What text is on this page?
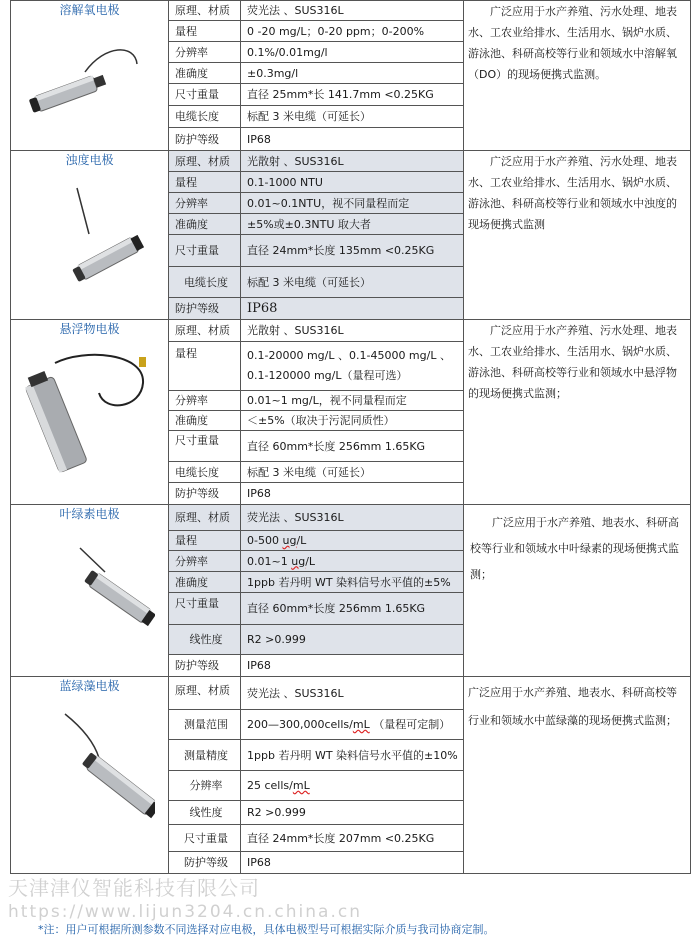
溶解氧电极	原理、材质	荧光法 、SUS316L	广泛应用于水产养殖、污水处理、地表水、工农业给排水、生活用水、锅炉水质、游泳池、科研高校等行业和领域水中溶解氧（DO）的现场便携式监测。

	量程	0 -20 mg/L；0-20 ppm；0-200%	
	分辨率	0.1%/0.01mg/l	
	准确度	±0.3mg/l	
	尺寸重量	直径 25mm*长 141.7mm <0.25KG	
	电缆长度	标配 3 米电缆（可延长）	
	防护等级	IP68	

浊度电极	原理、材质	光散射 、SUS316L	广泛应用于水产养殖、污水处理、地表水、工农业给排水、生活用水、锅炉水质、游泳池、科研高校等行业和领域水中浊度的现场便携式监测

	量程	0.1-1000 NTU	
	分辨率	0.01~0.1NTU，视不同量程而定	
	准确度	±5%或±0.3NTU 取大者	
	尺寸重量	直径 24mm*长度 135mm <0.25KG	
	电缆长度	标配 3 米电缆（可延长）	
	防护等级	IP68	

悬浮物电极	原理、材质	光散射 、SUS316L	广泛应用于水产养殖、污水处理、地表水、工农业给排水、生活用水、锅炉水质、游泳池、科研高校等行业和领域水中悬浮物的现场便携式监测；

	量程	0.1-20000 mg/L 、0.1-45000 mg/L 、0.1-120000 mg/L（量程可选）	
	分辨率	0.01~1 mg/L，视不同量程而定	
	准确度	＜±5%（取决于污泥同质性）	
	尺寸重量	直径 60mm*长度 256mm 1.65KG	
	电缆长度	标配 3 米电缆（可延长）	
	防护等级	IP68	

叶绿素电极	原理、材质	荧光法 、SUS316L	广泛应用于水产养殖、地表水、科研高校等行业和领域水中叶绿素的现场便携式监测；

	量程	0-500 ug/L	
	分辨率	0.01~1 ug/L	
	准确度	1ppb 若丹明 WT 染料信号水平值的±5%	
	尺寸重量	直径 60mm*长度 256mm 1.65KG	
	线性度	R2 >0.999	
	防护等级	IP68	

蓝绿藻电极	原理、材质	荧光法 、SUS316L	广泛应用于水产养殖、地表水、科研高校等行业和领域水中蓝绿藻的现场便携式监测；

	测量范围	200—300,000cells/mL （量程可定制）	
	测量精度	1ppb 若丹明 WT 染料信号水平值的±10%	
	分辨率	25 cells/mL	
	线性度	R2 >0.999	
	尺寸重量	直径 24mm*长度 207mm <0.25KG	
	防护等级	IP68	
天津津仪智能科技有限公司
https://www.lijun3204.cn.china.cn
*注：用户可根据所测参数不同选择对应电极，具体电极型号可根据实际介质与我司协商定制。
